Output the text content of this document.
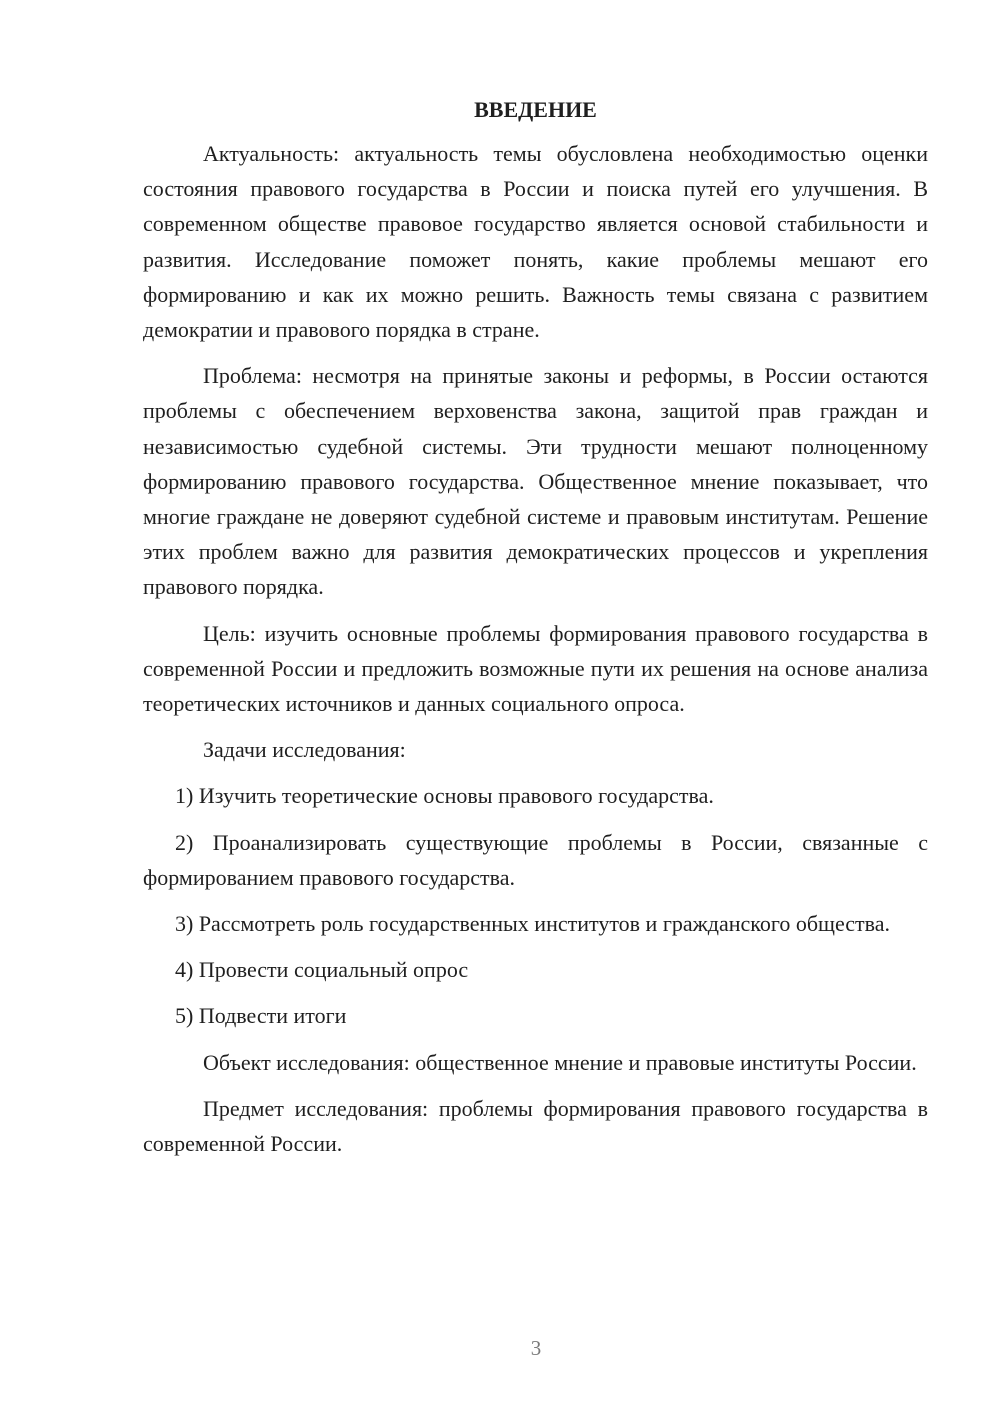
ВВЕДЕНИЕ

Актуальность: актуальность темы обусловлена необходимостью оценки состояния правового государства в России и поиска путей его улучшения. В современном обществе правовое государство является основой стабильности и развития. Исследование поможет понять, какие проблемы мешают его формированию и как их можно решить. Важность темы связана с развитием демократии и правового порядка в стране.

Проблема: несмотря на принятые законы и реформы, в России остаются проблемы с обеспечением верховенства закона, защитой прав граждан и независимостью судебной системы. Эти трудности мешают полноценному формированию правового государства. Общественное мнение показывает, что многие граждане не доверяют судебной системе и правовым институтам. Решение этих проблем важно для развития демократических процессов и укрепления правового порядка.

Цель: изучить основные проблемы формирования правового государства в современной России и предложить возможные пути их решения на основе анализа теоретических источников и данных социального опроса.

Задачи исследования:

1) Изучить теоретические основы правового государства.

2) Проанализировать существующие проблемы в России, связанные с формированием правового государства.

3) Рассмотреть роль государственных институтов и гражданского общества.

4) Провести социальный опрос

5) Подвести итоги

Объект исследования: общественное мнение и правовые институты России.

Предмет исследования: проблемы формирования правового государства в современной России.

3
